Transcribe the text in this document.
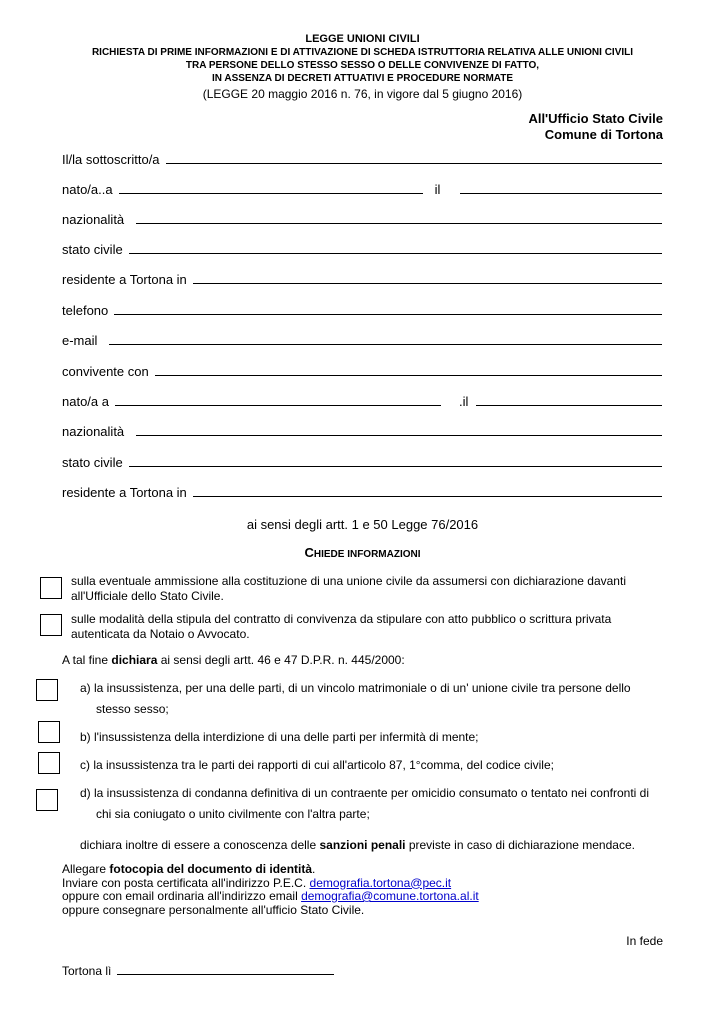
LEGGE UNIONI CIVILI
RICHIESTA DI PRIME INFORMAZIONI E DI ATTIVAZIONE DI SCHEDA ISTRUTTORIA RELATIVA ALLE UNIONI CIVILI
TRA PERSONE DELLO STESSO SESSO O DELLE CONVIVENZE DI FATTO,
IN ASSENZA DI DECRETI ATTUATIVI E PROCEDURE NORMATE
(LEGGE 20 maggio 2016 n. 76, in vigore dal 5 giugno 2016)
All'Ufficio Stato Civile
Comune di Tortona
Il/la sottoscritto/a
nato/a..a	il
nazionalità
stato civile
residente a Tortona in
telefono
e-mail
convivente con
nato/a a	.il
nazionalità
stato civile
residente a Tortona in
ai sensi degli artt. 1 e 50 Legge 76/2016
CHIEDE INFORMAZIONI
sulla eventuale ammissione alla costituzione di una unione civile da assumersi con dichiarazione davanti
all'Ufficiale dello Stato Civile.
sulle modalità della stipula del contratto di convivenza da stipulare con atto pubblico o scrittura privata
autenticata da Notaio o Avvocato.
A tal fine dichiara ai sensi degli artt. 46 e 47 D.P.R. n. 445/2000:
a) la insussistenza, per una delle parti, di un vincolo matrimoniale o di un' unione civile tra persone dello
stesso sesso;
b) l'insussistenza della interdizione di una delle parti per infermità di mente;
c) la insussistenza tra le parti dei rapporti di cui all'articolo 87, 1°comma, del codice civile;
d) la insussistenza di condanna definitiva di un contraente per omicidio consumato o tentato nei confronti di
chi sia coniugato o unito civilmente con l'altra parte;
dichiara inoltre di essere a conoscenza delle sanzioni penali previste in caso di dichiarazione mendace.
Allegare fotocopia del documento di identità.
Inviare con posta certificata all'indirizzo P.E.C. demografia.tortona@pec.it
oppure con email ordinaria all'indirizzo email demografia@comune.tortona.al.it
oppure consegnare personalmente all'ufficio Stato Civile.
In fede
Tortona lì
